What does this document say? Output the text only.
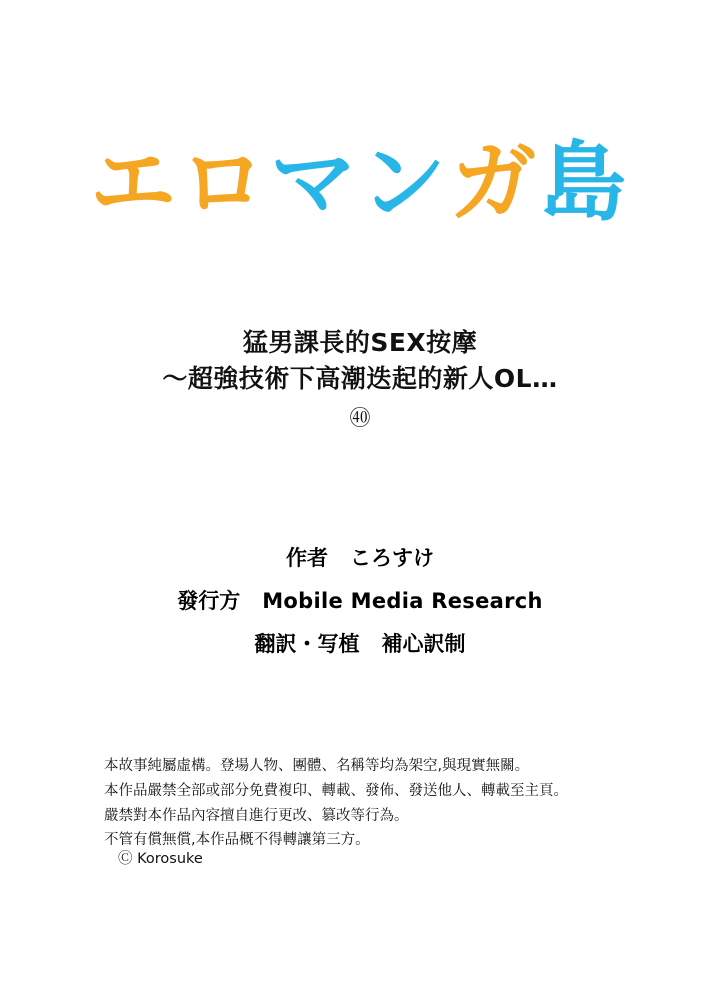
エロマンガ島
猛男課長的SEX按摩
～超強技術下高潮迭起的新人OL…
㊵
作者 ころすけ
發行方 Mobile Media Research
翻訳・写植 補心訳制

本故事純屬虛構。登場人物、團體、名稱等均為架空,與現實無關。

本作品嚴禁全部或部分免費複印、轉載、發佈、發送他人、轉載至主頁。

嚴禁對本作品內容擅自進行更改、篡改等行為。

不管有償無償,本作品概不得轉讓第三方。

Ⓒ Korosuke
